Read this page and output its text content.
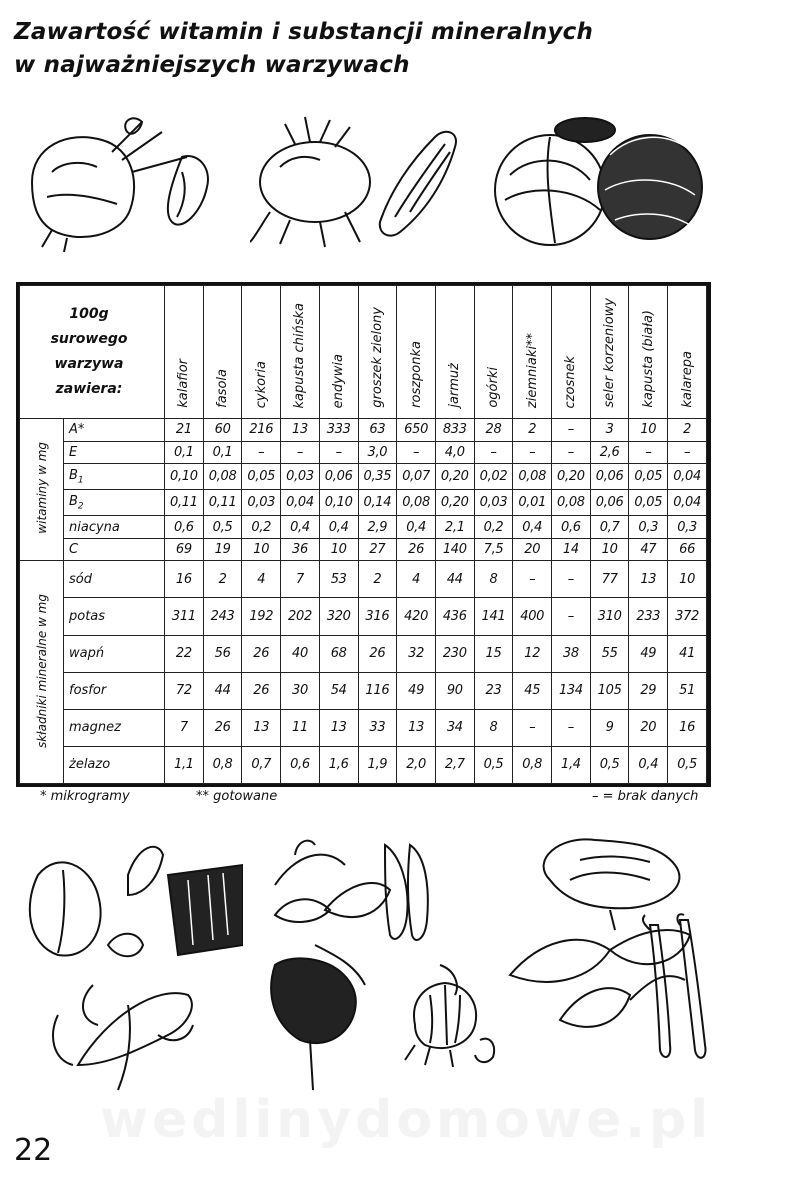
Zawartość witamin i substancji mineralnych
w najważniejszych warzywach
100g
surowego
warzywa
zawiera:		kalafior	fasola	cykoria	kapusta chińska	endywia	groszek zielony	roszponka	jarmuż	ogórki	ziemniaki**	czosnek	seler korzeniowy	kapusta (biała)	kalarepa
witaminy w mg	A*	21	60	216	13	333	63	650	833	28	2	–	3	10	2
	E	0,1	0,1	–	–	–	3,0	–	4,0	–	–	–	2,6	–	–
	$B_1$	0,10	0,08	0,05	0,03	0,06	0,35	0,07	0,20	0,02	0,08	0,20	0,06	0,05	0,04
	$B_2$	0,11	0,11	0,03	0,04	0,10	0,14	0,08	0,20	0,03	0,01	0,08	0,06	0,05	0,04
	niacyna	0,6	0,5	0,2	0,4	0,4	2,9	0,4	2,1	0,2	0,4	0,6	0,7	0,3	0,3
	C	69	19	10	36	10	27	26	140	7,5	20	14	10	47	66
składniki mineralne w mg	sód	16	2	4	7	53	2	4	44	8	–	–	77	13	10
	potas	311	243	192	202	320	316	420	436	141	400	–	310	233	372
	wapń	22	56	26	40	68	26	32	230	15	12	38	55	49	41
	fosfor	72	44	26	30	54	116	49	90	23	45	134	105	29	51
	magnez	7	26	13	11	13	33	13	34	8	–	–	9	20	16
	żelazo	1,1	0,8	0,7	0,6	1,6	1,9	2,0	2,7	0,5	0,8	1,4	0,5	0,4	0,5
* mikrogramy	** gotowane	– = brak danych
wedlinydomowe.pl
22
